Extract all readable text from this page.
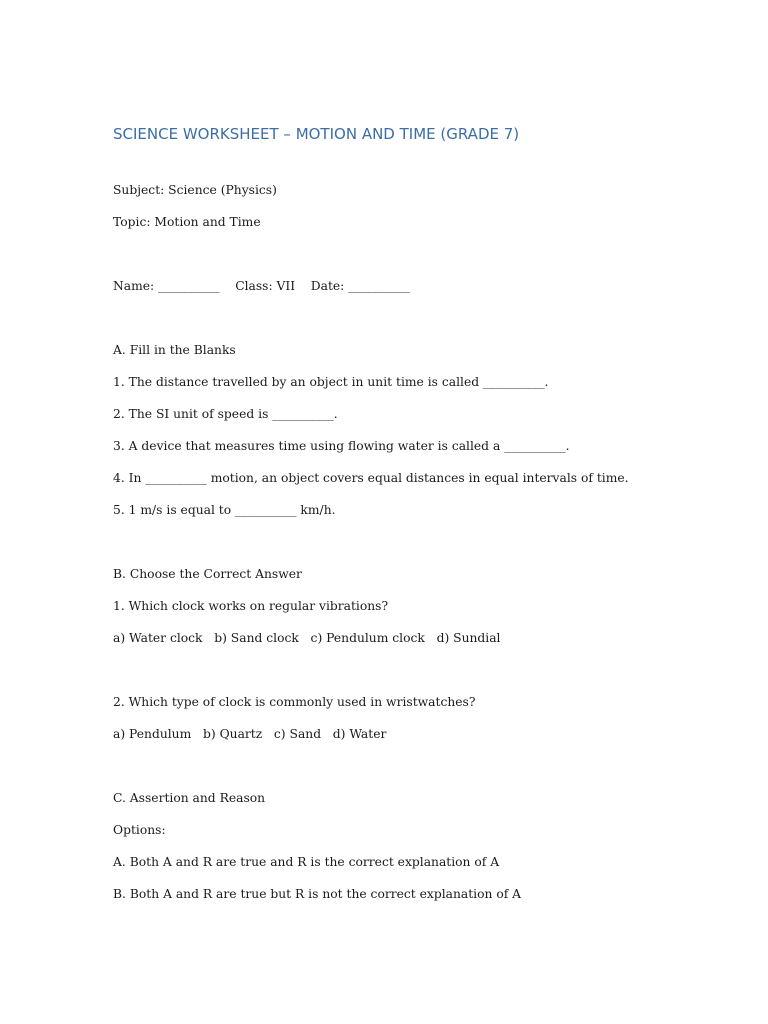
SCIENCE WORKSHEET – MOTION AND TIME (GRADE 7)

Subject: Science (Physics)

Topic: Motion and Time

Name: __________    Class: VII    Date: __________

A. Fill in the Blanks

1. The distance travelled by an object in unit time is called __________.

2. The SI unit of speed is __________.

3. A device that measures time using flowing water is called a __________.

4. In __________ motion, an object covers equal distances in equal intervals of time.

5. 1 m/s is equal to __________ km/h.

B. Choose the Correct Answer

1. Which clock works on regular vibrations?

a) Water clock   b) Sand clock   c) Pendulum clock   d) Sundial

2. Which type of clock is commonly used in wristwatches?

a) Pendulum   b) Quartz   c) Sand   d) Water

C. Assertion and Reason

Options:

A. Both A and R are true and R is the correct explanation of A

B. Both A and R are true but R is not the correct explanation of A
